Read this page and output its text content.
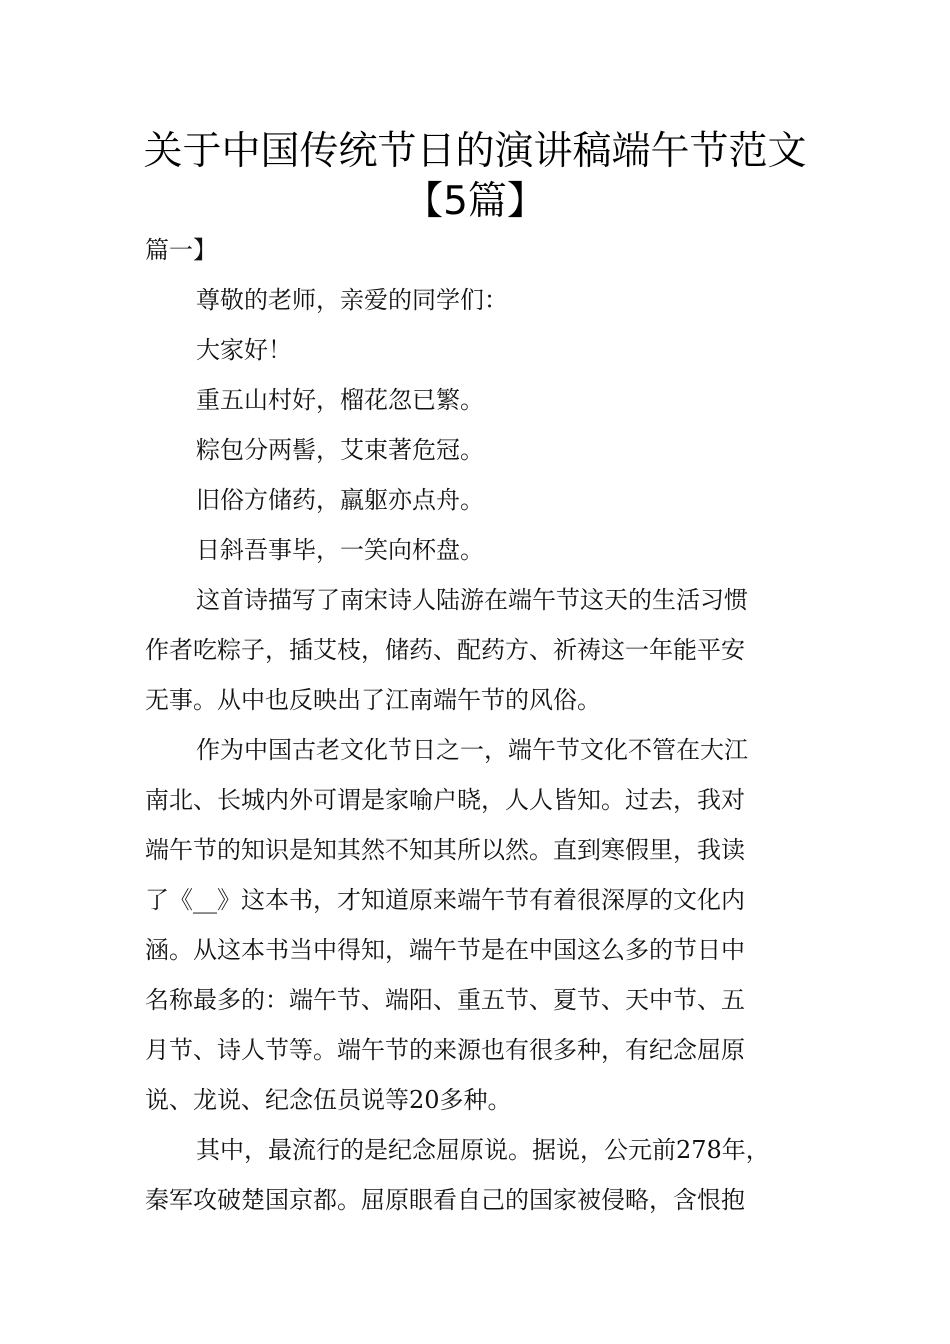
关于中国传统节日的演讲稿端午节范文
【5篇】
篇一】
尊敬的老师，亲爱的同学们：
大家好！
重五山村好，榴花忽已繁。
粽包分两髻，艾束著危冠。
旧俗方储药，羸躯亦点舟。
日斜吾事毕，一笑向杯盘。
这首诗描写了南宋诗人陆游在端午节这天的生活习惯
作者吃粽子，插艾枝，储药、配药方、祈祷这一年能平安
无事。从中也反映出了江南端午节的风俗。
作为中国古老文化节日之一，端午节文化不管在大江
南北、长城内外可谓是家喻户晓，人人皆知。过去，我对
端午节的知识是知其然不知其所以然。直到寒假里，我读
了《__》这本书，才知道原来端午节有着很深厚的文化内
涵。从这本书当中得知，端午节是在中国这么多的节日中
名称最多的：端午节、端阳、重五节、夏节、天中节、五
月节、诗人节等。端午节的来源也有很多种，有纪念屈原
说、龙说、纪念伍员说等20多种。
其中，最流行的是纪念屈原说。据说，公元前278年，
秦军攻破楚国京都。屈原眼看自己的国家被侵略，含恨抱
